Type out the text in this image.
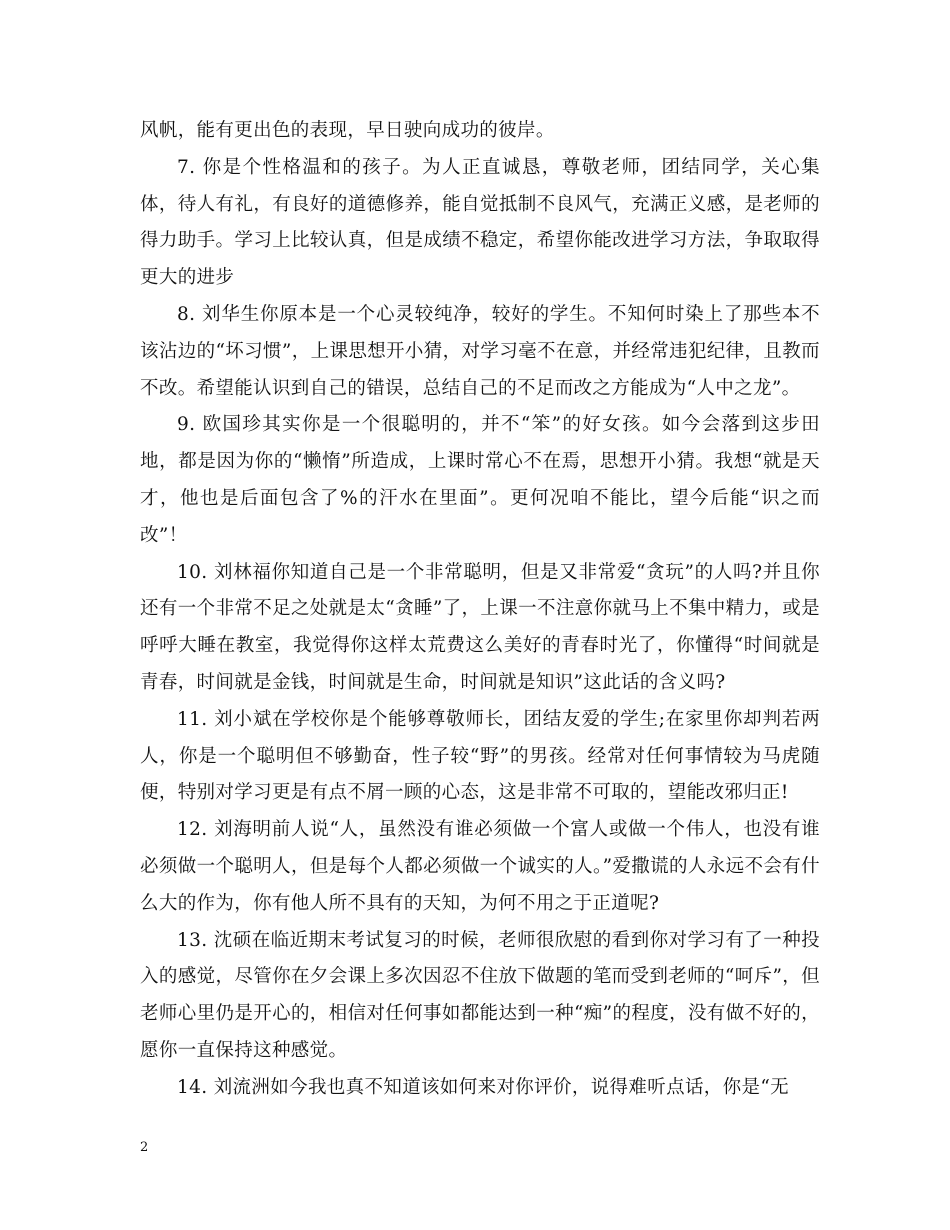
风帆，能有更出色的表现，早日驶向成功的彼岸。

7. 你是个性格温和的孩子。为人正直诚恳，尊敬老师，团结同学，关心集体，待人有礼，有良好的道德修养，能自觉抵制不良风气，充满正义感，是老师的得力助手。学习上比较认真，但是成绩不稳定，希望你能改进学习方法，争取取得更大的进步

8. 刘华生你原本是一个心灵较纯净，较好的学生。不知何时染上了那些本不该沾边的“坏习惯”，上课思想开小猜，对学习毫不在意，并经常违犯纪律，且教而不改。希望能认识到自己的错误，总结自己的不足而改之方能成为“人中之龙”。

9. 欧国珍其实你是一个很聪明的，并不“笨”的好女孩。如今会落到这步田地，都是因为你的“懒惰”所造成，上课时常心不在焉，思想开小猜。我想“就是天才，他也是后面包含了%的汗水在里面”。更何况咱不能比，望今后能“识之而改”！

10. 刘林福你知道自己是一个非常聪明，但是又非常爱“贪玩”的人吗?并且你还有一个非常不足之处就是太“贪睡”了，上课一不注意你就马上不集中精力，或是呼呼大睡在教室，我觉得你这样太荒费这么美好的青春时光了，你懂得“时间就是青春，时间就是金钱，时间就是生命，时间就是知识”这此话的含义吗?

11. 刘小斌在学校你是个能够尊敬师长，团结友爱的学生;在家里你却判若两人，你是一个聪明但不够勤奋，性子较“野”的男孩。经常对任何事情较为马虎随便，特别对学习更是有点不屑一顾的心态，这是非常不可取的，望能改邪归正!

12. 刘海明前人说“人，虽然没有谁必须做一个富人或做一个伟人，也没有谁必须做一个聪明人，但是每个人都必须做一个诚实的人。”爱撒谎的人永远不会有什么大的作为，你有他人所不具有的天知，为何不用之于正道呢?

13. 沈硕在临近期末考试复习的时候，老师很欣慰的看到你对学习有了一种投入的感觉，尽管你在夕会课上多次因忍不住放下做题的笔而受到老师的“呵斥”，但老师心里仍是开心的，相信对任何事如都能达到一种“痴”的程度，没有做不好的，愿你一直保持这种感觉。

14. 刘流洲如今我也真不知道该如何来对你评价，说得难听点话，你是“无

2
